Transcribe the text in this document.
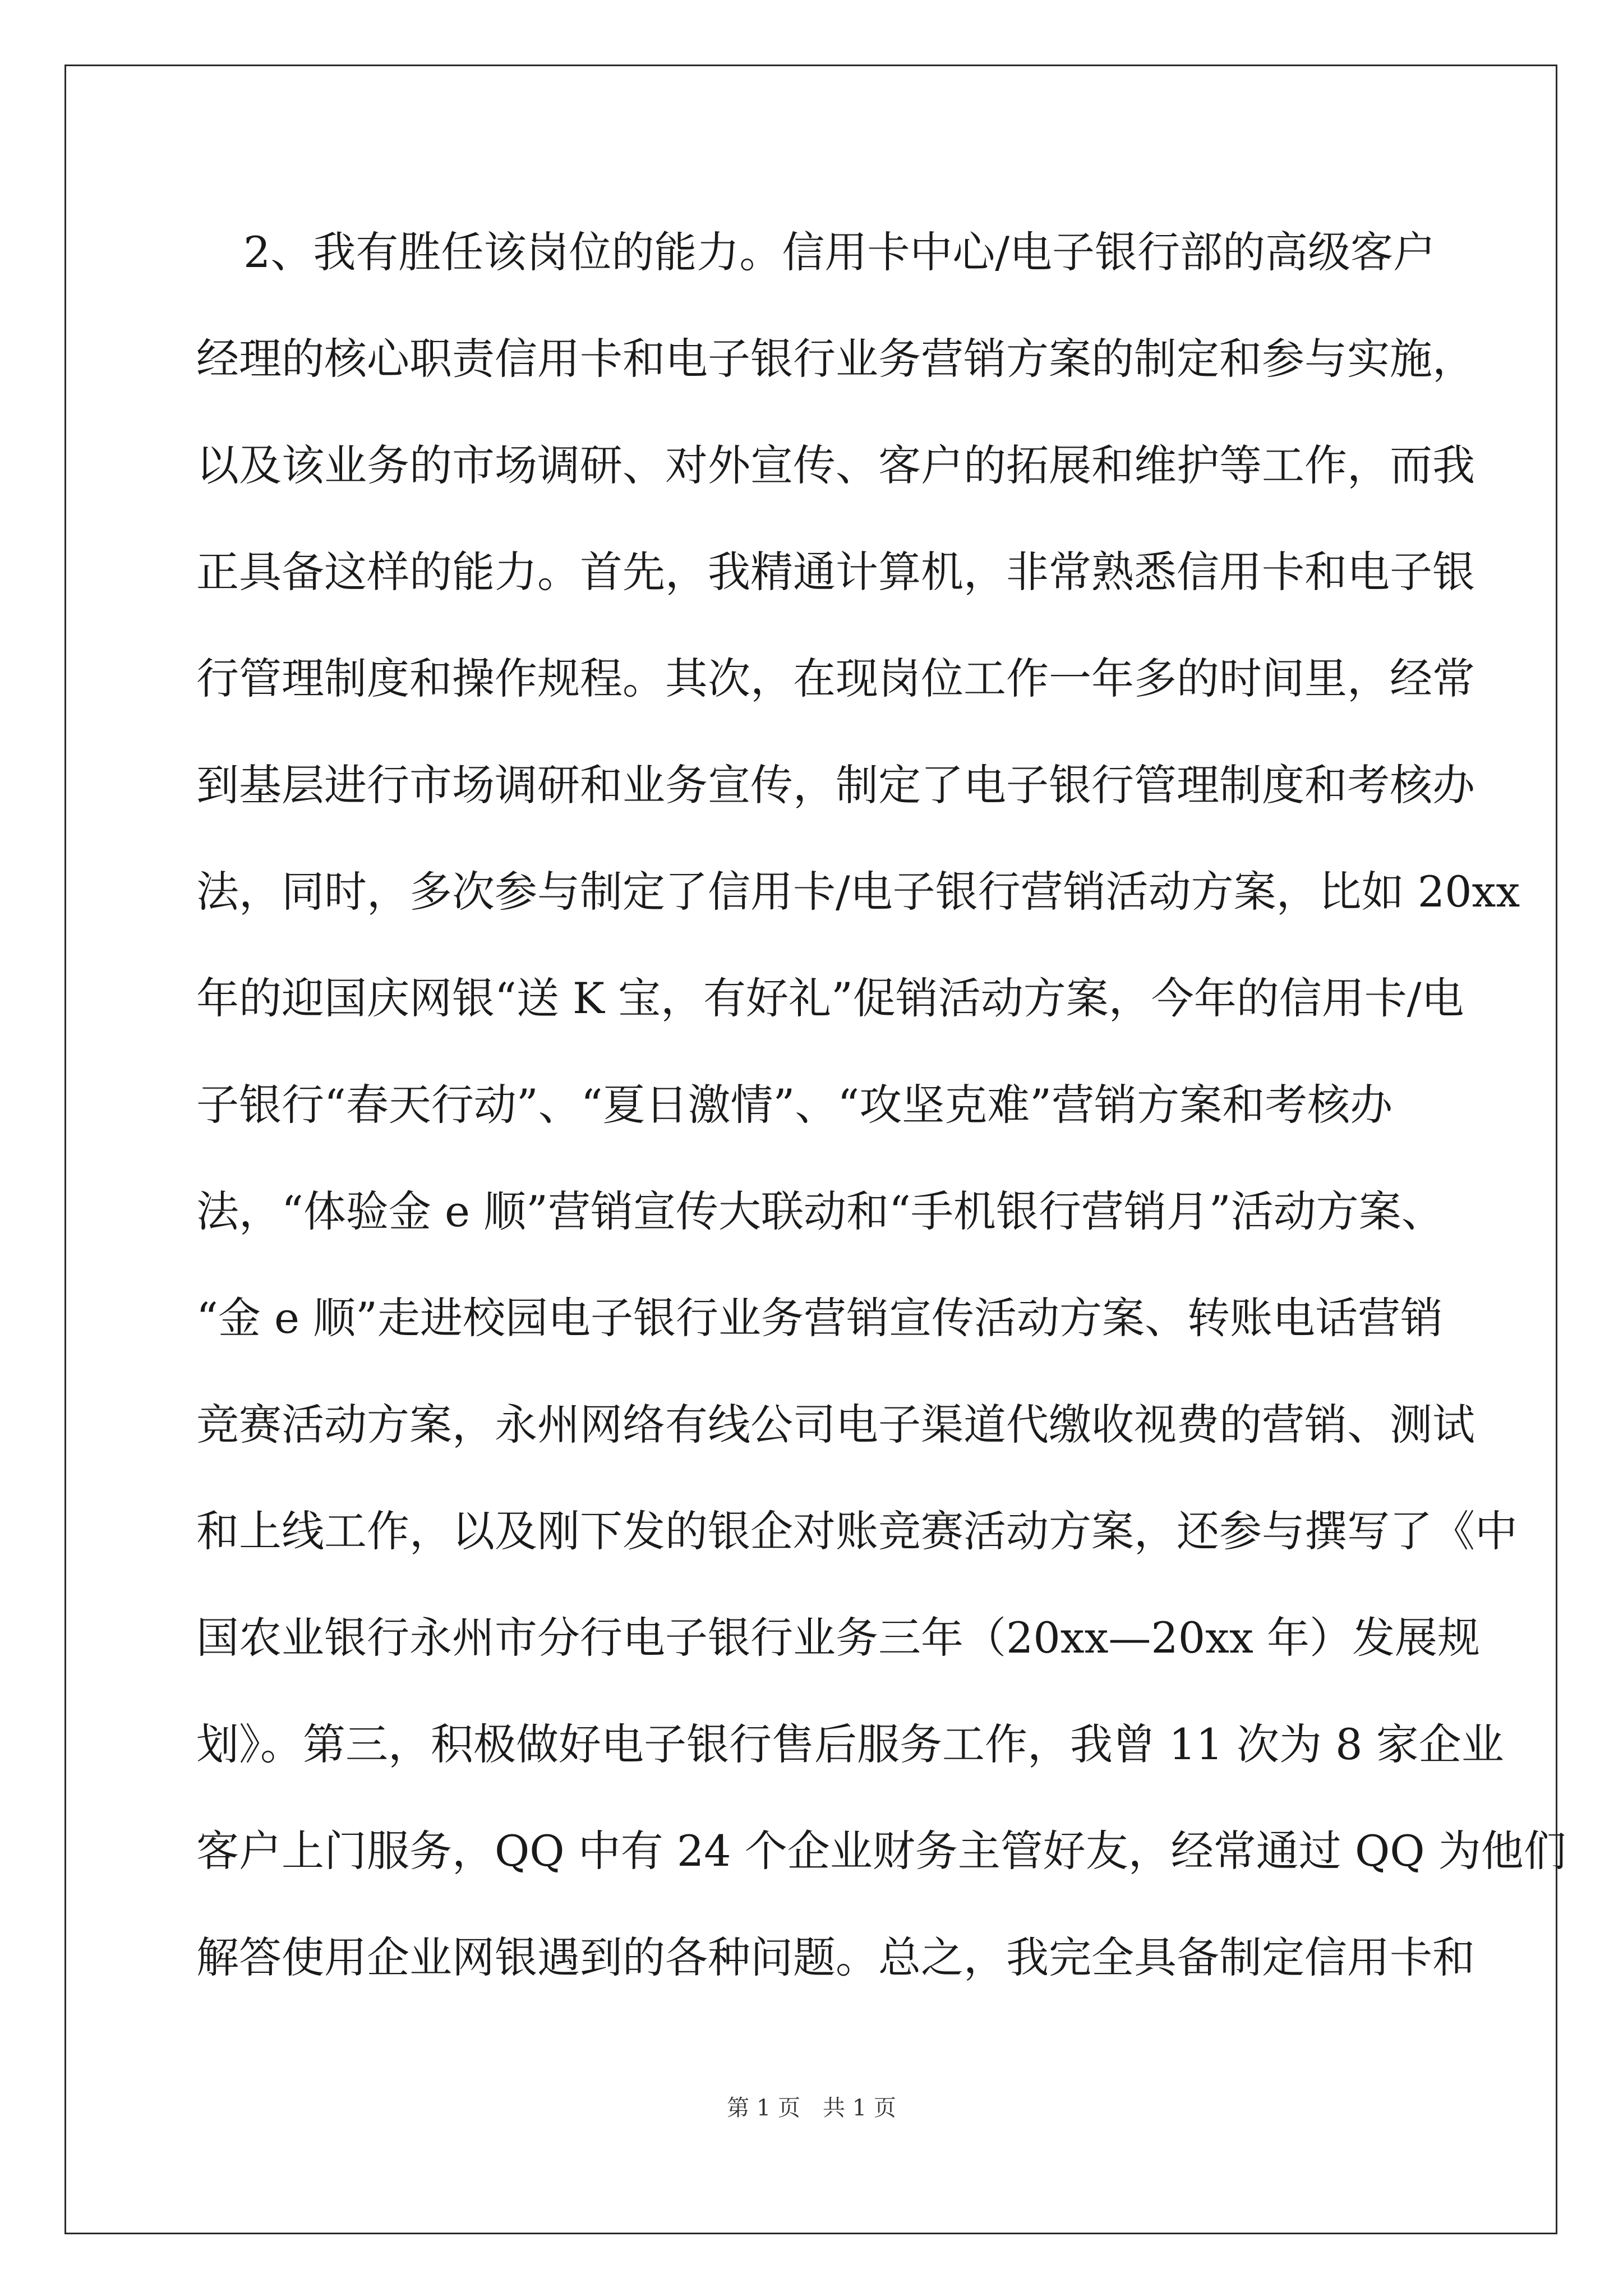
2、我有胜任该岗位的能力。信用卡中心/电子银行部的高级客户

经理的核心职责信用卡和电子银行业务营销方案的制定和参与实施，

以及该业务的市场调研、对外宣传、客户的拓展和维护等工作，而我

正具备这样的能力。首先，我精通计算机，非常熟悉信用卡和电子银

行管理制度和操作规程。其次，在现岗位工作一年多的时间里，经常

到基层进行市场调研和业务宣传，制定了电子银行管理制度和考核办

法，同时，多次参与制定了信用卡/电子银行营销活动方案，比如 20xx

年的迎国庆网银“送 K 宝，有好礼”促销活动方案，今年的信用卡/电

子银行“春天行动”、“夏日激情”、“攻坚克难”营销方案和考核办

法，“体验金 e 顺”营销宣传大联动和“手机银行营销月”活动方案、

“金 e 顺”走进校园电子银行业务营销宣传活动方案、转账电话营销

竞赛活动方案，永州网络有线公司电子渠道代缴收视费的营销、测试

和上线工作，以及刚下发的银企对账竞赛活动方案，还参与撰写了《中

国农业银行永州市分行电子银行业务三年（20xx—20xx 年）发展规

划》。第三，积极做好电子银行售后服务工作，我曾 11 次为 8 家企业

客户上门服务，QQ 中有 24 个企业财务主管好友，经常通过 QQ 为他们

解答使用企业网银遇到的各种问题。总之，我完全具备制定信用卡和

第 1 页　共 1 页
